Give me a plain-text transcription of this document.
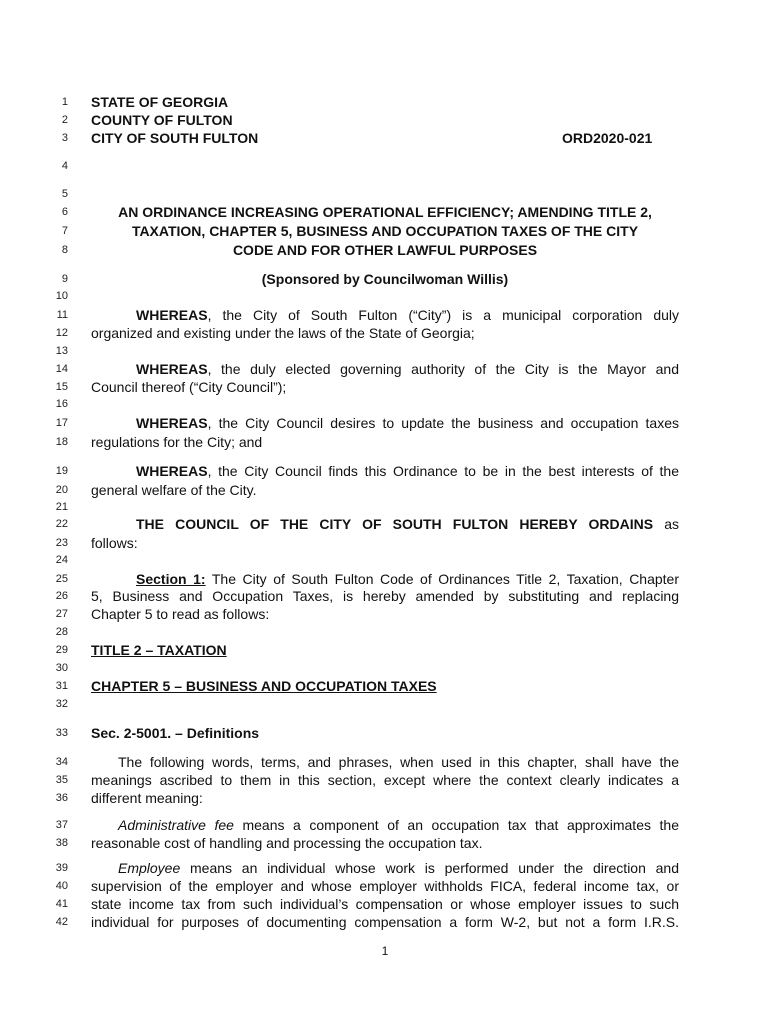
1
2
3
4
5
6
7
8
9
10
11
12
13
14
15
16
17
18
19
20
21
22
23
24
25
26
27
28
29
30
31
32
33
34
35
36
37
38
39
40
41
42
STATE OF GEORGIA
COUNTY OF FULTON
CITY OF SOUTH FULTON	ORD2020-021
AN ORDINANCE INCREASING OPERATIONAL EFFICIENCY; AMENDING TITLE 2,
TAXATION, CHAPTER 5, BUSINESS AND OCCUPATION TAXES OF THE CITY
CODE AND FOR OTHER LAWFUL PURPOSES
(Sponsored by Councilwoman Willis)
WHEREAS, the City of South Fulton (“City”) is a municipal corporation duly
organized and existing under the laws of the State of Georgia;
WHEREAS, the duly elected governing authority of the City is the Mayor and
Council thereof (“City Council”);
WHEREAS, the City Council desires to update the business and occupation taxes
regulations for the City; and
WHEREAS, the City Council finds this Ordinance to be in the best interests of the
general welfare of the City.
THE COUNCIL OF THE CITY OF SOUTH FULTON HEREBY ORDAINS as
follows:
Section 1: The City of South Fulton Code of Ordinances Title 2, Taxation, Chapter
5, Business and Occupation Taxes, is hereby amended by substituting and replacing
Chapter 5 to read as follows:
TITLE 2 – TAXATION
CHAPTER 5 – BUSINESS AND OCCUPATION TAXES
Sec. 2-5001. – Definitions
The following words, terms, and phrases, when used in this chapter, shall have the
meanings ascribed to them in this section, except where the context clearly indicates a
different meaning:
Administrative fee means a component of an occupation tax that approximates the
reasonable cost of handling and processing the occupation tax.
Employee means an individual whose work is performed under the direction and
supervision of the employer and whose employer withholds FICA, federal income tax, or
state income tax from such individual’s compensation or whose employer issues to such
individual for purposes of documenting compensation a form W-2, but not a form I.R.S.
1
